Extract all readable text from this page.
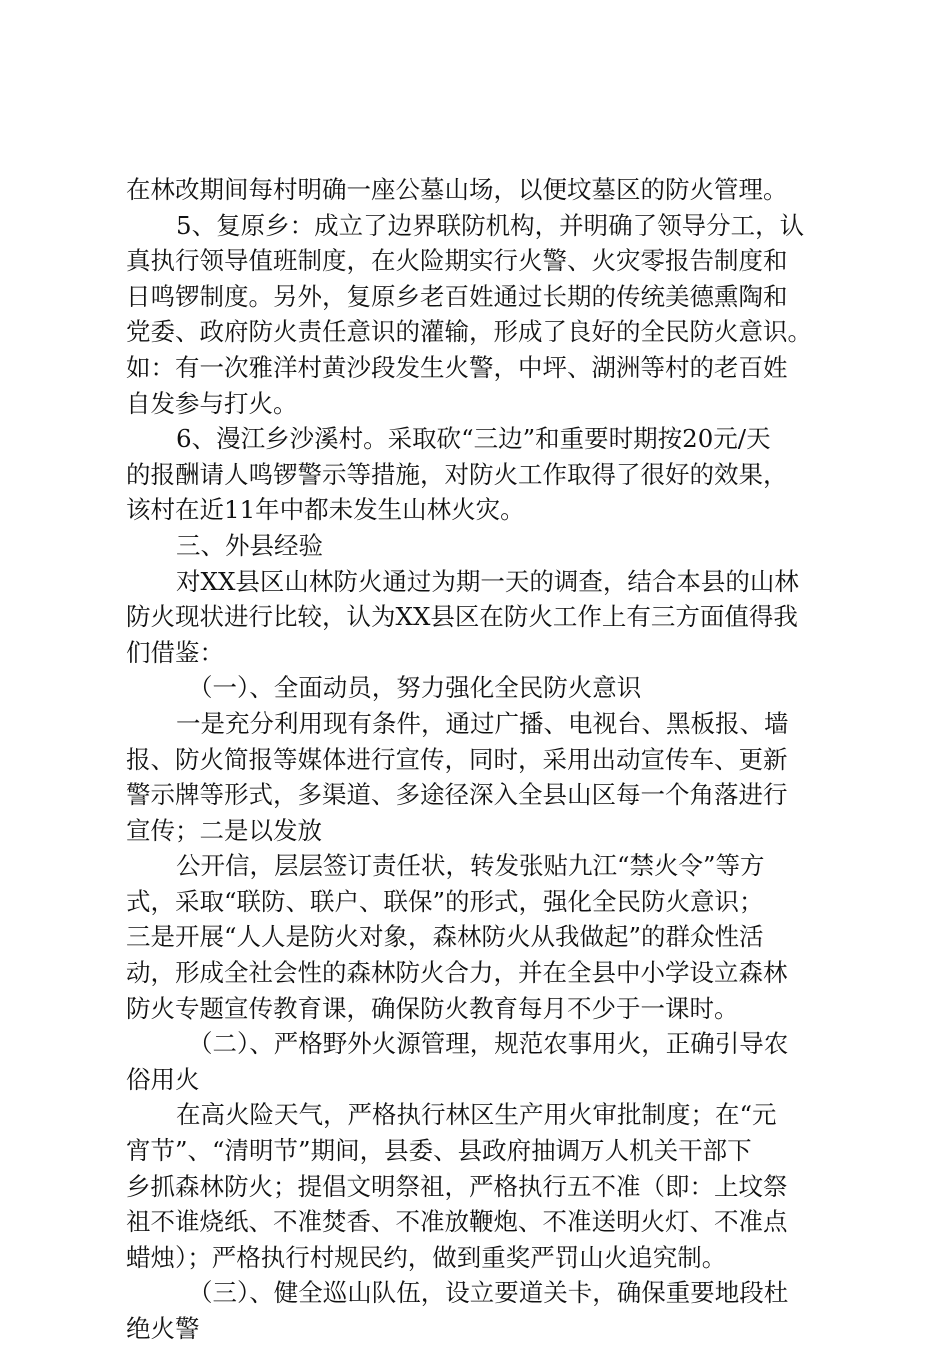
在林改期间每村明确一座公墓山场，以便坟墓区的防火管理。
5、复原乡：成立了边界联防机构，并明确了领导分工，认
真执行领导值班制度，在火险期实行火警、火灾零报告制度和
日鸣锣制度。另外，复原乡老百姓通过长期的传统美德熏陶和
党委、政府防火责任意识的灌输，形成了良好的全民防火意识。
如：有一次雅洋村黄沙段发生火警，中坪、湖洲等村的老百姓
自发参与打火。
6、漫江乡沙溪村。采取砍“三边”和重要时期按20元/天
的报酬请人鸣锣警示等措施，对防火工作取得了很好的效果，
该村在近11年中都未发生山林火灾。
三、外县经验
对XX县区山林防火通过为期一天的调查，结合本县的山林
防火现状进行比较，认为XX县区在防火工作上有三方面值得我
们借鉴：
（一）、全面动员，努力强化全民防火意识
一是充分利用现有条件，通过广播、电视台、黑板报、墙
报、防火简报等媒体进行宣传，同时，采用出动宣传车、更新
警示牌等形式，多渠道、多途径深入全县山区每一个角落进行
宣传；二是以发放
公开信，层层签订责任状，转发张贴九江“禁火令”等方
式，采取“联防、联户、联保”的形式，强化全民防火意识；
三是开展“人人是防火对象，森林防火从我做起”的群众性活
动，形成全社会性的森林防火合力，并在全县中小学设立森林
防火专题宣传教育课，确保防火教育每月不少于一课时。
（二）、严格野外火源管理，规范农事用火，正确引导农
俗用火
在高火险天气，严格执行林区生产用火审批制度；在“元
宵节”、“清明节”期间，县委、县政府抽调万人机关干部下
乡抓森林防火；提倡文明祭祖，严格执行五不准（即：上坟祭
祖不谁烧纸、不准焚香、不准放鞭炮、不准送明火灯、不准点
蜡烛）；严格执行村规民约，做到重奖严罚山火追究制。
（三）、健全巡山队伍，设立要道关卡，确保重要地段杜
绝火警
